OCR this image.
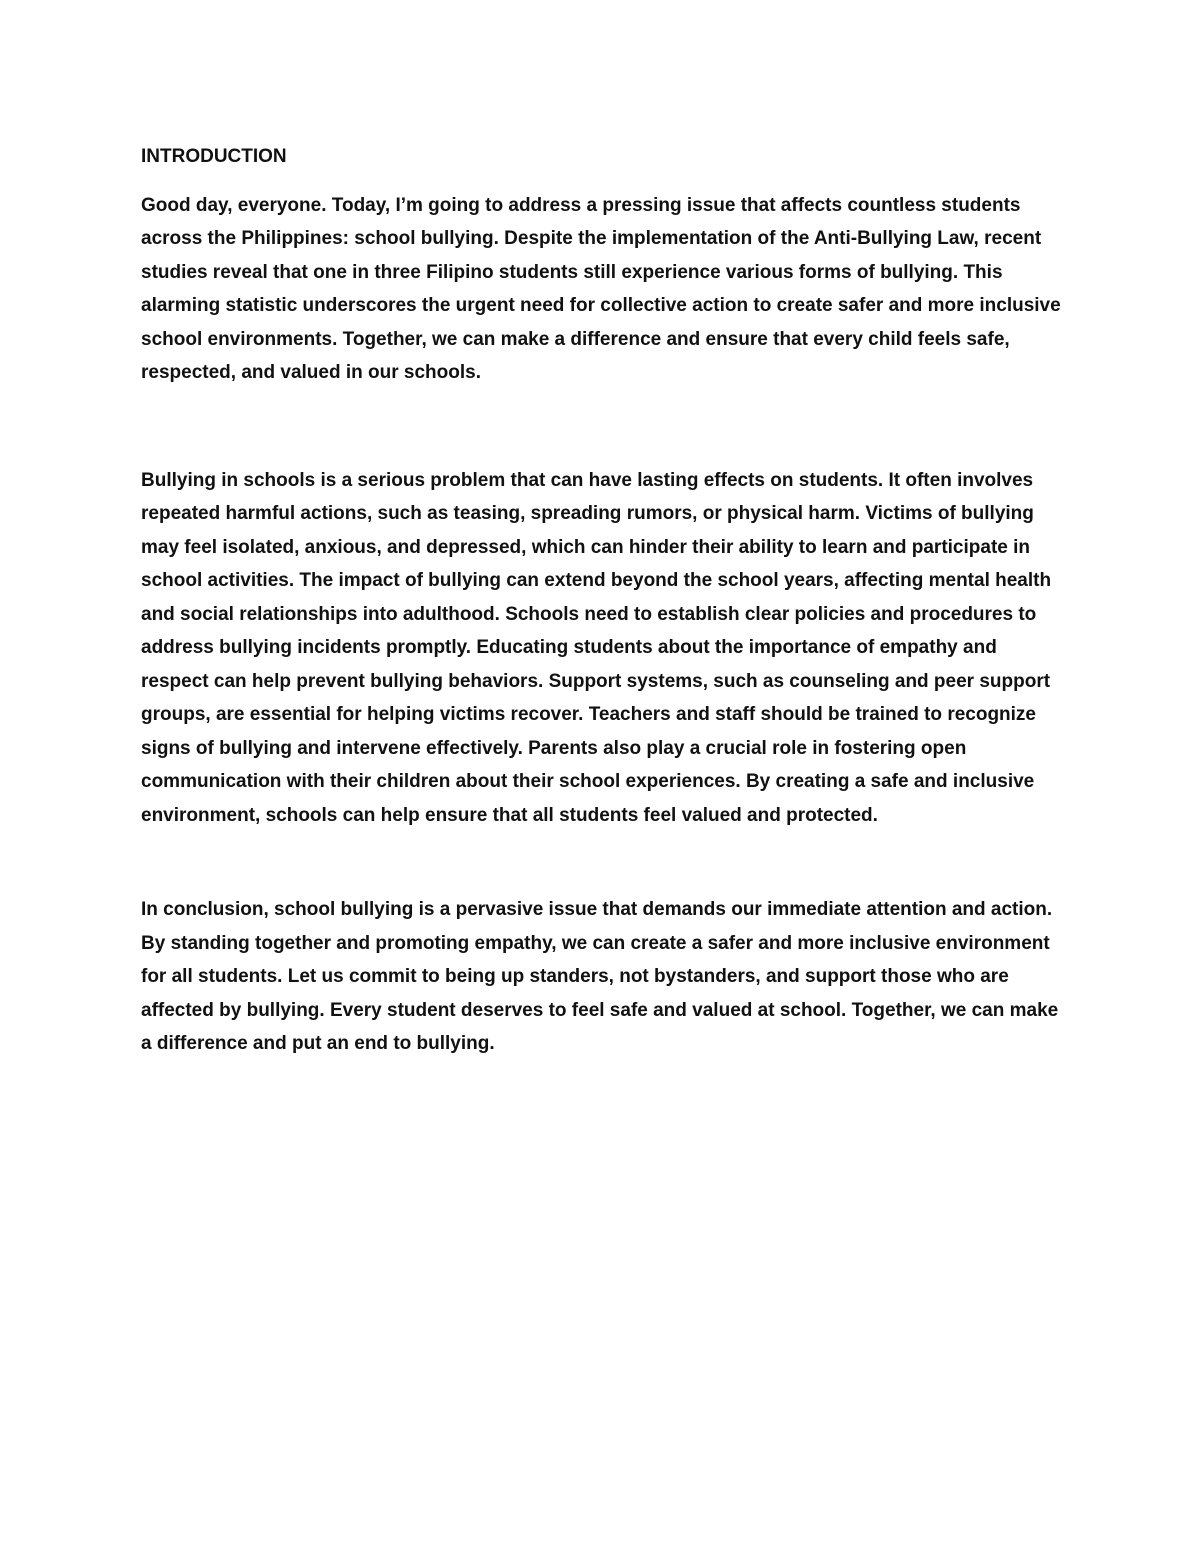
INTRODUCTION

Good day, everyone. Today, I’m going to address a pressing issue that affects countless students across the Philippines: school bullying. Despite the implementation of the Anti-Bullying Law, recent studies reveal that one in three Filipino students still experience various forms of bullying. This alarming statistic underscores the urgent need for collective action to create safer and more inclusive school environments. Together, we can make a difference and ensure that every child feels safe, respected, and valued in our schools.

Bullying in schools is a serious problem that can have lasting effects on students. It often involves repeated harmful actions, such as teasing, spreading rumors, or physical harm. Victims of bullying may feel isolated, anxious, and depressed, which can hinder their ability to learn and participate in school activities. The impact of bullying can extend beyond the school years, affecting mental health and social relationships into adulthood. Schools need to establish clear policies and procedures to address bullying incidents promptly. Educating students about the importance of empathy and respect can help prevent bullying behaviors. Support systems, such as counseling and peer support groups, are essential for helping victims recover. Teachers and staff should be trained to recognize signs of bullying and intervene effectively. Parents also play a crucial role in fostering open communication with their children about their school experiences. By creating a safe and inclusive environment, schools can help ensure that all students feel valued and protected.

In conclusion, school bullying is a pervasive issue that demands our immediate attention and action. By standing together and promoting empathy, we can create a safer and more inclusive environment for all students. Let us commit to being up standers, not bystanders, and support those who are affected by bullying. Every student deserves to feel safe and valued at school. Together, we can make a difference and put an end to bullying.
